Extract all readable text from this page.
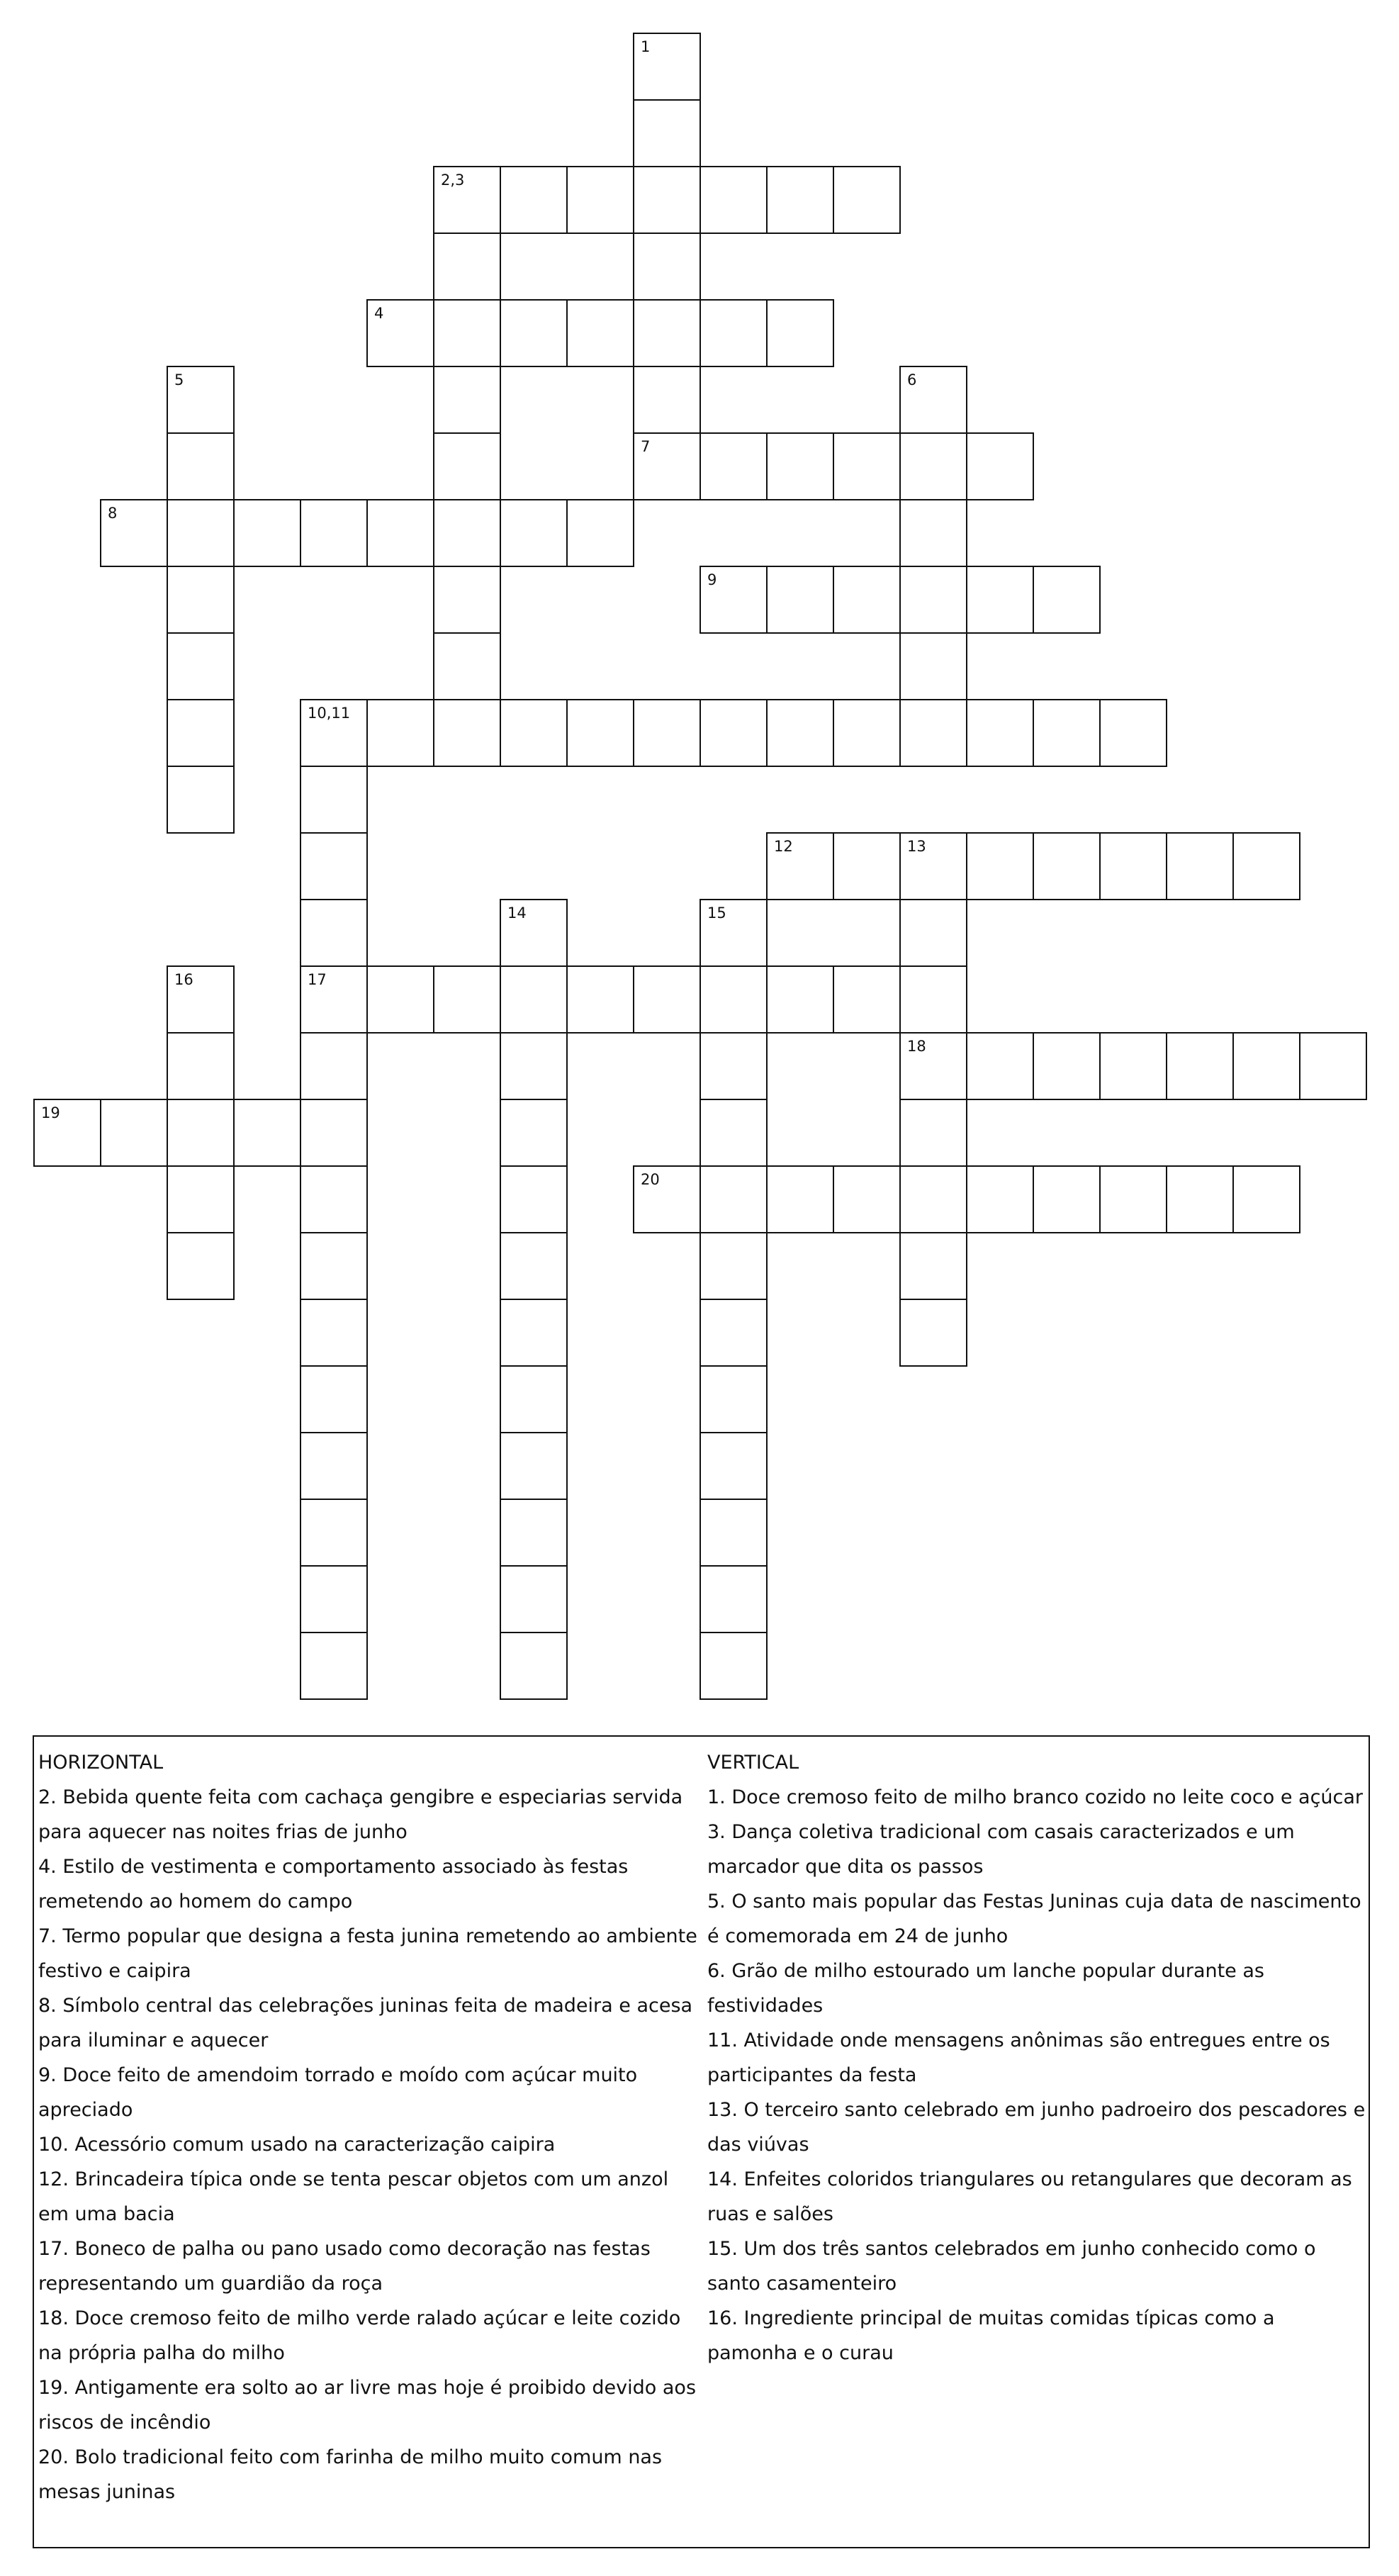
1
2,3
4
5	6
7
8
9
10,11
12	13
14	15
16	17
18
19
20

HORIZONTAL

2. Bebida quente feita com cachaça gengibre e especiarias servida para aquecer nas noites frias de junho

4. Estilo de vestimenta e comportamento associado às festas remetendo ao homem do campo

7. Termo popular que designa a festa junina remetendo ao ambiente festivo e caipira

8. Símbolo central das celebrações juninas feita de madeira e acesa para iluminar e aquecer

9. Doce feito de amendoim torrado e moído com açúcar muito apreciado

10. Acessório comum usado na caracterização caipira

12. Brincadeira típica onde se tenta pescar objetos com um anzol em uma bacia

17. Boneco de palha ou pano usado como decoração nas festas representando um guardião da roça

18. Doce cremoso feito de milho verde ralado açúcar e leite cozido na própria palha do milho

19. Antigamente era solto ao ar livre mas hoje é proibido devido aos riscos de incêndio

20. Bolo tradicional feito com farinha de milho muito comum nas mesas juninas

VERTICAL

1. Doce cremoso feito de milho branco cozido no leite coco e açúcar

3. Dança coletiva tradicional com casais caracterizados e um marcador que dita os passos

5. O santo mais popular das Festas Juninas cuja data de nascimento é comemorada em 24 de junho

6. Grão de milho estourado um lanche popular durante as festividades

11. Atividade onde mensagens anônimas são entregues entre os participantes da festa

13. O terceiro santo celebrado em junho padroeiro dos pescadores e das viúvas

14. Enfeites coloridos triangulares ou retangulares que decoram as ruas e salões

15. Um dos três santos celebrados em junho conhecido como o santo casamenteiro

16. Ingrediente principal de muitas comidas típicas como a pamonha e o curau
